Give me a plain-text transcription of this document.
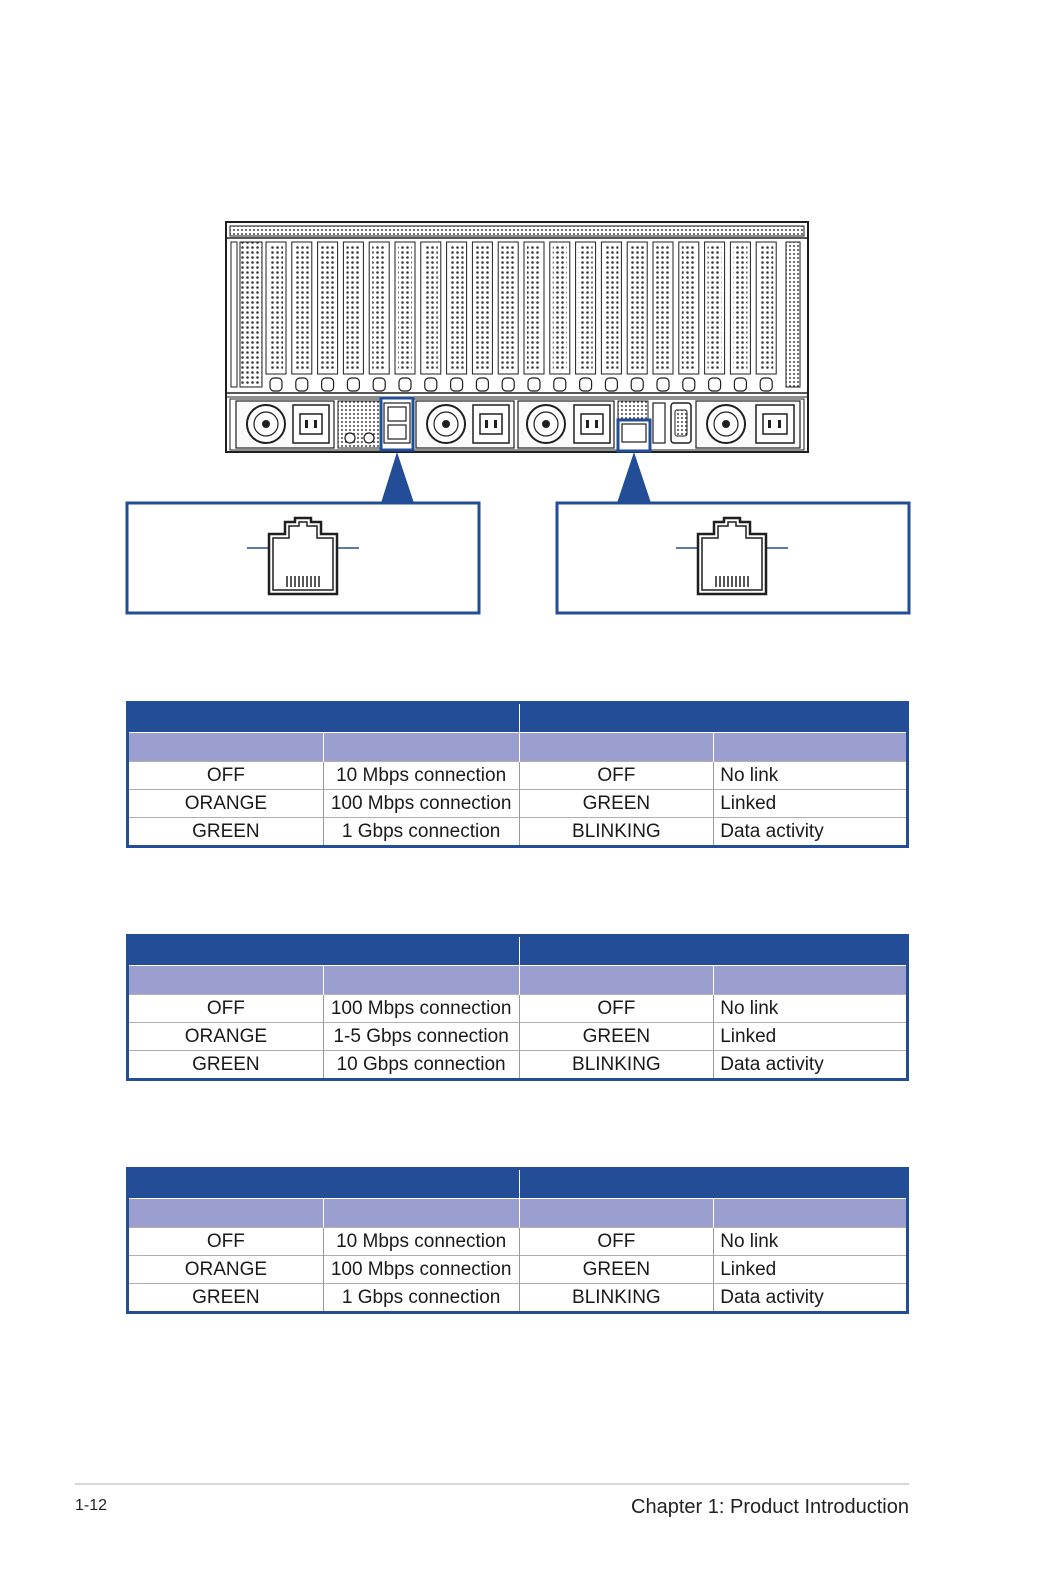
OFF	10 Mbps connection	OFF	No link
ORANGE	100 Mbps connection	GREEN	Linked
GREEN	1 Gbps connection	BLINKING	Data activity

OFF	100 Mbps connection	OFF	No link
ORANGE	1-5 Gbps connection	GREEN	Linked
GREEN	10 Gbps connection	BLINKING	Data activity

OFF	10 Mbps connection	OFF	No link
ORANGE	100 Mbps connection	GREEN	Linked
GREEN	1 Gbps connection	BLINKING	Data activity
1-12	Chapter 1: Product Introduction
